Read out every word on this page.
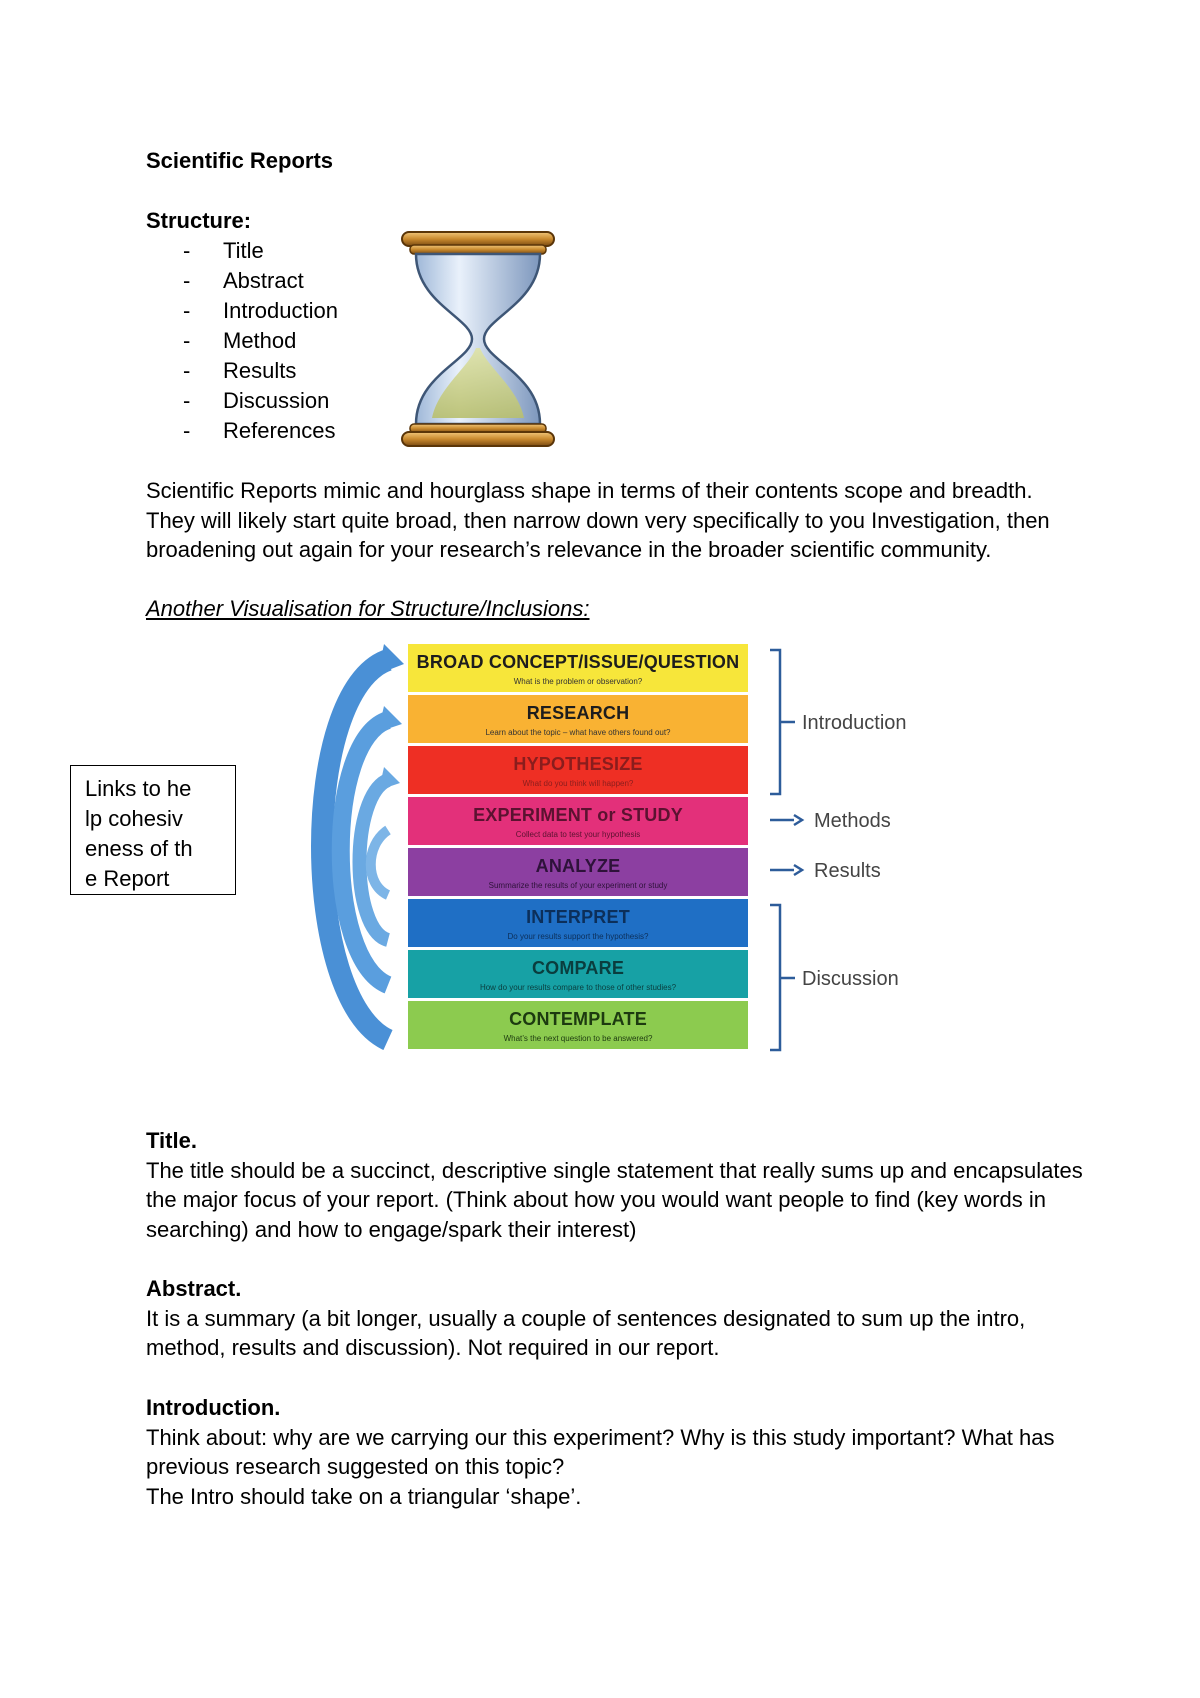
Scientific Reports
Structure:
-	Title
-	Abstract
-	Introduction
-	Method
-	Results
-	Discussion
-	References
Scientific Reports mimic and hourglass shape in terms of their contents scope and breadth. They will likely start quite broad, then narrow down very specifically to you Investigation, then broadening out again for your research’s relevance in the broader scientific community.
Another Visualisation for Structure/Inclusions:
Links to help cohesiveness of the Report
BROAD CONCEPT/ISSUE/QUESTION
What is the problem or observation?
RESEARCH
Learn about the topic – what have others found out?
HYPOTHESIZE
What do you think will happen?
EXPERIMENT or STUDY
Collect data to test your hypothesis
ANALYZE
Summarize the results of your experiment or study
INTERPRET
Do your results support the hypothesis?
COMPARE
How do your results compare to those of other studies?
CONTEMPLATE
What’s the next question to be answered?
Introduction
Methods
Results
Discussion
Title.
The title should be a succinct, descriptive single statement that really sums up and encapsulates the major focus of your report. (Think about how you would want people to find (key words in searching) and how to engage/spark their interest)
Abstract.
It is a summary (a bit longer, usually a couple of sentences designated to sum up the intro, method, results and discussion). Not required in our report.
Introduction.
Think about: why are we carrying our this experiment? Why is this study important? What has previous research suggested on this topic?
The Intro should take on a triangular ‘shape’.
